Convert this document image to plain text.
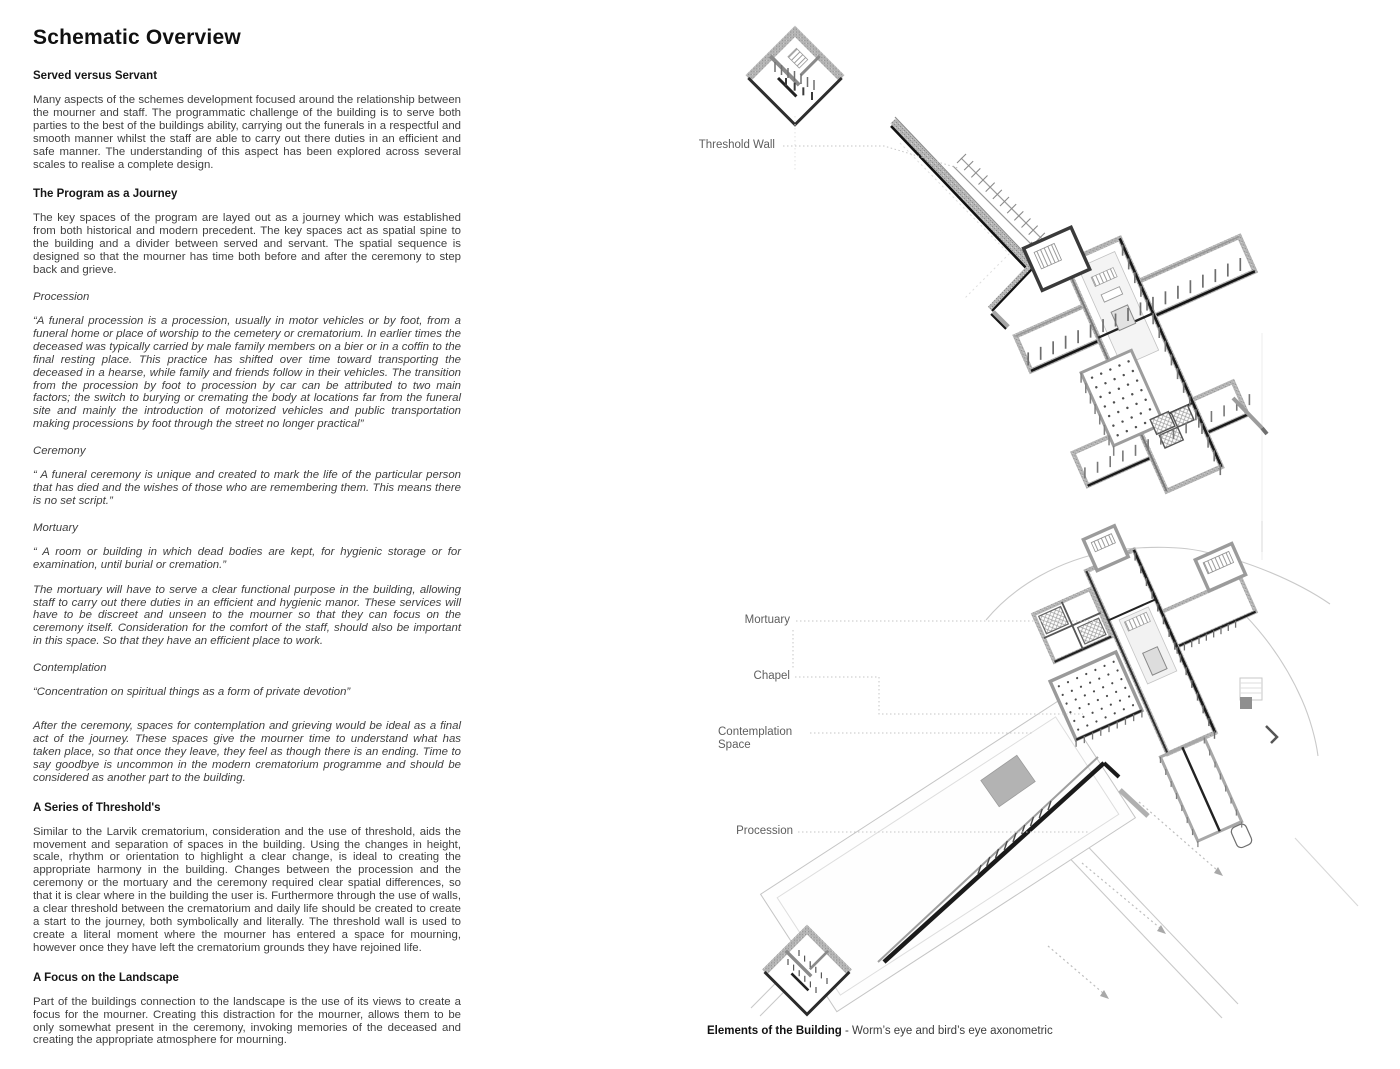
Schematic Overview
Served versus Servant

Many aspects of the schemes development focused around the relationship between the mourner and staff. The programmatic challenge of the building is to serve both parties to the best of the buildings ability, carrying out the funerals in a respectful and smooth manner whilst the staff are able to carry out there duties in an efficient and safe manner. The understanding of this aspect has been explored across several scales to realise a complete design.

The Program as a Journey

The key spaces of the program are layed out as a journey which was established from both historical and modern precedent. The key spaces act as spatial spine to the building and a divider between served and servant. The spatial sequence is designed so that the mourner has time both before and after the ceremony to step back and grieve.

Procession

“A funeral procession is a procession, usually in motor vehicles or by foot, from a funeral home or place of worship to the cemetery or crematorium. In earlier times the deceased was typically carried by male family members on a bier or in a coffin to the final resting place. This practice has shifted over time toward transporting the deceased in a hearse, while family and friends follow in their vehicles. The transition from the procession by foot to procession by car can be attributed to two main factors; the switch to burying or cremating the body at locations far from the funeral site and mainly the introduction of motorized vehicles and public transportation making processions by foot through the street no longer practical”

Ceremony

“ A funeral ceremony is unique and created to mark the life of the particular person that has died and the wishes of those who are remembering them. This means there is no set script.”

Mortuary

“ A room or building in which dead bodies are kept, for hygienic storage or for examination, until burial or cremation.”

The mortuary will have to serve a clear functional purpose in the building, allowing staff to carry out there duties in an efficient and hygienic manor. These services will have to be discreet and unseen to the mourner so that they can focus on the ceremony itself. Consideration for the comfort of the staff, should also be important in this space. So that they have an efficient place to work.

Contemplation

“Concentration on spiritual things as a form of private devotion”

After the ceremony, spaces for contemplation and grieving would be ideal as a final act of the journey. These spaces give the mourner time to understand what has taken place, so that once they leave, they feel as though there is an ending. Time to say goodbye is uncommon in the modern crematorium programme and should be considered as another part to the building.

A Series of Threshold's

Similar to the Larvik crematorium, consideration and the use of threshold, aids the movement and separation of spaces in the building. Using the changes in height, scale, rhythm or orientation to highlight a clear change, is ideal to creating the appropriate harmony in the building. Changes between the procession and the ceremony or the mortuary and the ceremony required clear spatial differences, so that it is clear where in the building the user is. Furthermore through the use of walls, a clear threshold between the crematorium and daily life should be created to create a start to the journey, both symbolically and literally. The threshold wall is used to create a literal moment where the mourner has entered a space for mourning, however once they have left the crematorium grounds they have rejoined life.

A Focus on the Landscape

Part of the buildings connection to the landscape is the use of its views to create a focus for the mourner. Creating this distraction for the mourner, allows them to be only somewhat present in the ceremony, invoking memories of the deceased and creating the appropriate atmosphere for mourning.

Threshold Wall
Mortuary
Chapel
Contemplation
Space
Procession
Elements of the Building - Worm’s eye and bird’s eye axonometric
